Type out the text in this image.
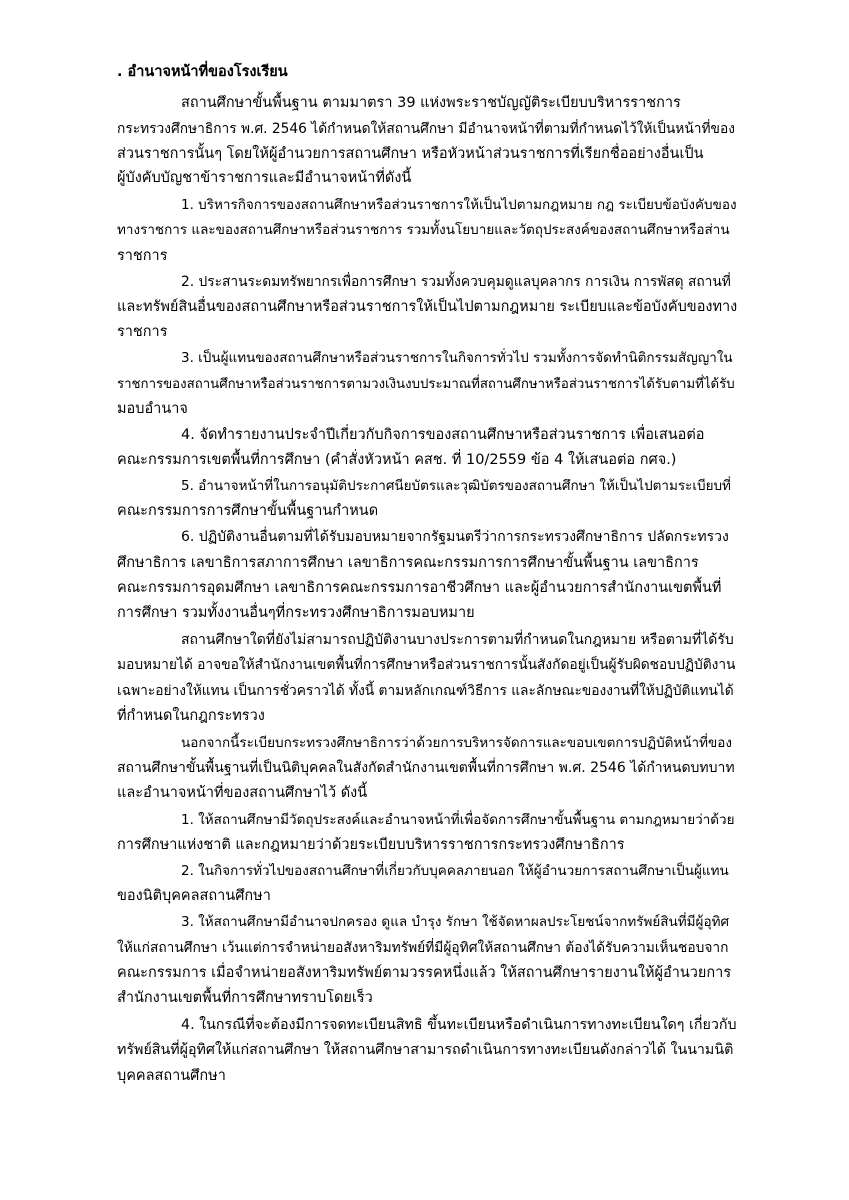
. อำนาจหน้าที่ของโรงเรียน
สถานศึกษาขั้นพื้นฐาน ตามมาตรา 39 แห่งพระราชบัญญัติระเบียบบริหารราชการ
กระทรวงศึกษาธิการ พ.ศ. 2546 ได้กำหนดให้สถานศึกษา มีอำนาจหน้าที่ตามที่กำหนดไว้ให้เป็นหน้าที่ของ
ส่วนราชการนั้นๆ โดยให้ผู้อำนวยการสถานศึกษา หรือหัวหน้าส่วนราชการที่เรียกชื่ออย่างอื่นเป็น
ผู้บังคับบัญชาข้าราชการและมีอำนาจหน้าที่ดังนี้
1. บริหารกิจการของสถานศึกษาหรือส่วนราชการให้เป็นไปตามกฎหมาย กฎ ระเบียบข้อบังคับของ
ทางราชการ และของสถานศึกษาหรือส่วนราชการ รวมทั้งนโยบายและวัตถุประสงค์ของสถานศึกษาหรือส่าน
ราชการ
2. ประสานระดมทรัพยากรเพื่อการศึกษา รวมทั้งควบคุมดูแลบุคลากร การเงิน การพัสดุ สถานที่
และทรัพย์สินอื่นของสถานศึกษาหรือส่วนราชการให้เป็นไปตามกฎหมาย ระเบียบและข้อบังคับของทาง
ราชการ
3. เป็นผู้แทนของสถานศึกษาหรือส่วนราชการในกิจการทั่วไป รวมทั้งการจัดทำนิติกรรมสัญญาใน
ราชการของสถานศึกษาหรือส่วนราชการตามวงเงินงบประมาณที่สถานศึกษาหรือส่วนราชการได้รับตามที่ได้รับ
มอบอำนาจ
4. จัดทำรายงานประจำปีเกี่ยวกับกิจการของสถานศึกษาหรือส่วนราชการ เพื่อเสนอต่อ
คณะกรรมการเขตพื้นที่การศึกษา (คำสั่งหัวหน้า คสช. ที่ 10/2559 ข้อ 4 ให้เสนอต่อ กศจ.)
5. อำนาจหน้าที่ในการอนุมัติประกาศนียบัตรและวุฒิบัตรของสถานศึกษา ให้เป็นไปตามระเบียบที่
คณะกรรมการการศึกษาขั้นพื้นฐานกำหนด
6. ปฏิบัติงานอื่นตามที่ได้รับมอบหมายจากรัฐมนตรีว่าการกระทรวงศึกษาธิการ ปลัดกระทรวง
ศึกษาธิการ เลขาธิการสภาการศึกษา เลขาธิการคณะกรรมการการศึกษาขั้นพื้นฐาน เลขาธิการ
คณะกรรมการอุดมศึกษา เลขาธิการคณะกรรมการอาชีวศึกษา และผู้อำนวยการสำนักงานเขตพื้นที่
การศึกษา รวมทั้งงานอื่นๆที่กระทรวงศึกษาธิการมอบหมาย
สถานศึกษาใดที่ยังไม่สามารถปฏิบัติงานบางประการตามที่กำหนดในกฎหมาย หรือตามที่ได้รับ
มอบหมายได้ อาจขอให้สำนักงานเขตพื้นที่การศึกษาหรือส่วนราชการนั้นสังกัดอยู่เป็นผู้รับผิดชอบปฏิบัติงาน
เฉพาะอย่างให้แทน เป็นการชั่วคราวได้ ทั้งนี้ ตามหลักเกณฑ์วิธีการ และลักษณะของงานที่ให้ปฏิบัติแทนได้
ที่กำหนดในกฎกระทรวง
นอกจากนี้ระเบียบกระทรวงศึกษาธิการว่าด้วยการบริหารจัดการและขอบเขตการปฏิบัติหน้าที่ของ
สถานศึกษาขั้นพื้นฐานที่เป็นนิติบุคคลในสังกัดสำนักงานเขตพื้นที่การศึกษา พ.ศ. 2546 ได้กำหนดบทบาท
และอำนาจหน้าที่ของสถานศึกษาไว้ ดังนี้
1. ให้สถานศึกษามีวัตถุประสงค์และอำนาจหน้าที่เพื่อจัดการศึกษาขั้นพื้นฐาน ตามกฎหมายว่าด้วย
การศึกษาแห่งชาติ และกฎหมายว่าด้วยระเบียบบริหารราชการกระทรวงศึกษาธิการ
2. ในกิจการทั่วไปของสถานศึกษาที่เกี่ยวกับบุคคลภายนอก ให้ผู้อำนวยการสถานศึกษาเป็นผู้แทน
ของนิติบุคคลสถานศึกษา
3. ให้สถานศึกษามีอำนาจปกครอง ดูแล บำรุง รักษา ใช้จัดหาผลประโยชน์จากทรัพย์สินที่มีผู้อุทิศ
ให้แก่สถานศึกษา เว้นแต่การจำหน่ายอสังหาริมทรัพย์ที่มีผู้อุทิศให้สถานศึกษา ต้องได้รับความเห็นชอบจาก
คณะกรรมการ เมื่อจำหน่ายอสังหาริมทรัพย์ตามวรรคหนึ่งแล้ว ให้สถานศึกษารายงานให้ผู้อำนวยการ
สำนักงานเขตพื้นที่การศึกษาทราบโดยเร็ว
4. ในกรณีที่จะต้องมีการจดทะเบียนสิทธิ ขึ้นทะเบียนหรือดำเนินการทางทะเบียนใดๆ เกี่ยวกับ
ทรัพย์สินที่ผู้อุทิศให้แก่สถานศึกษา ให้สถานศึกษาสามารถดำเนินการทางทะเบียนดังกล่าวได้ ในนามนิติ
บุคคลสถานศึกษา
